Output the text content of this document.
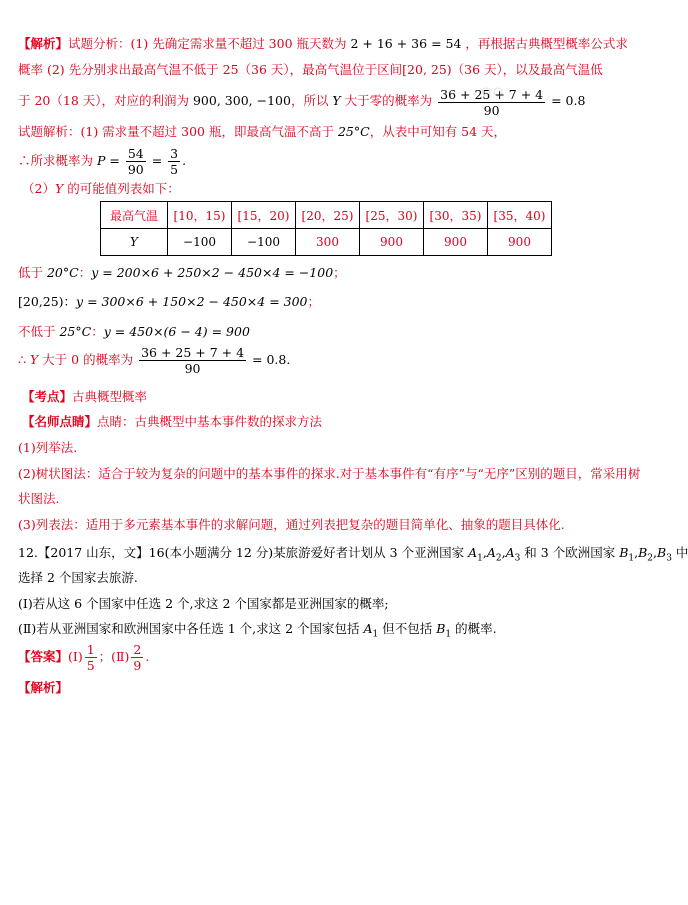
【解析】试题分析：(1) 先确定需求量不超过 300 瓶天数为 2 + 16 + 36 = 54 ，再根据古典概型概率公式求
概率 (2) 先分别求出最高气温不低于 25（36 天），最高气温位于区间[20, 25)（36 天），以及最高气温低
于 20（18 天），对应的利润为 900, 300, −100，所以 Y 大于零的概率为 $\frac{36 + 25 + 7 + 4}{90} = 0.8$
试题解析：(1) 需求量不超过 300 瓶，即最高气温不高于 25°C，从表中可知有 54 天，
∴所求概率为 $P = \frac{54}{90} = \frac{3}{5}$ .
（2）Y 的可能值列表如下：
最高气温	[10，15)	[15，20)	[20，25)	[25，30)	[30，35)	[35，40)
Y	−100	−100	300	900	900	900
低于 20°C：y = 200×6 + 250×2 − 450×4 = −100；
[20,25)：y = 300×6 + 150×2 − 450×4 = 300；
不低于 25°C：y = 450×(6 − 4) = 900
∴ Y 大于 0 的概率为 $\frac{36 + 25 + 7 + 4}{90} = 0.8$.
【考点】古典概型概率
【名师点睛】点睛：古典概型中基本事件数的探求方法
(1)列举法.
(2)树状图法：适合于较为复杂的问题中的基本事件的探求.对于基本事件有“有序”与“无序”区别的题目，常采用树
状图法.
(3)列表法：适用于多元素基本事件的求解问题，通过列表把复杂的题目简单化、抽象的题目具体化.
12.【2017 山东，文】16(本小题满分 12 分)某旅游爱好者计划从 3 个亚洲国家 $A_1,A_2,A_3$ 和 3 个欧洲国家 $B_1,B_2,B_3$ 中
选择 2 个国家去旅游.
(Ⅰ)若从这 6 个国家中任选 2 个,求这 2 个国家都是亚洲国家的概率;
(Ⅱ)若从亚洲国家和欧洲国家中各任选 1 个,求这 2 个国家包括 $A_1$ 但不包括 $B_1$ 的概率.
【答案】(Ⅰ) $\frac{1}{5}$ ；(Ⅱ) $\frac{2}{9}$ .
【解析】
